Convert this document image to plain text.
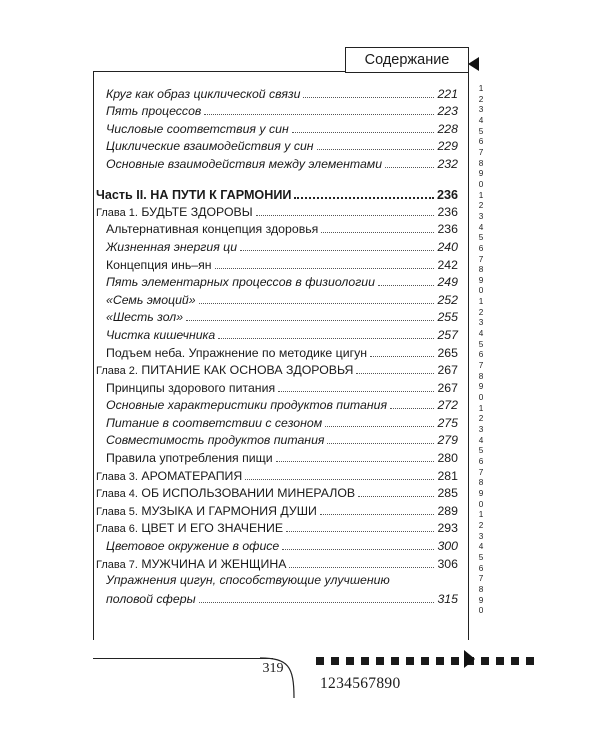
Содержание
1
2
3
4
5
6
7
8
9
0
1
2
3
4
5
6
7
8
9
0
1
2
3
4
5
6
7
8
9
0
1
2
3
4
5
6
7
8
9
0
1
2
3
4
5
6
7
8
9
0
Круг как образ циклической связи	221
Пять процессов	223
Числовые соответствия у син	228
Циклические взаимодействия у син	229
Основные взаимодействия между элементами	232
Часть II. НА ПУТИ К ГАРМОНИИ	236
Глава 1. БУДЬТЕ ЗДОРОВЫ	236
Альтернативная концепция здоровья	236
Жизненная энергия ци	240
Концепция инь–ян	242
Пять элементарных процессов в физиологии	249
«Семь эмоций»	252
«Шесть зол»	255
Чистка кишечника	257
Подъем неба. Упражнение по методике цигун	265
Глава 2. ПИТАНИЕ КАК ОСНОВА ЗДОРОВЬЯ	267
Принципы здорового питания	267
Основные характеристики продуктов питания	272
Питание в соответствии с сезоном	275
Совместимость продуктов питания	279
Правила употребления пищи	280
Глава 3. АРОМАТЕРАПИЯ	281
Глава 4. ОБ ИСПОЛЬЗОВАНИИ МИНЕРАЛОВ	285
Глава 5. МУЗЫКА И ГАРМОНИЯ ДУШИ	289
Глава 6. ЦВЕТ И ЕГО ЗНАЧЕНИЕ	293
Цветовое окружение в офисе	300
Глава 7. МУЖЧИНА И ЖЕНЩИНА	306
Упражнения цигун, способствующие улучшению
половой сферы	315
319
1234567890
